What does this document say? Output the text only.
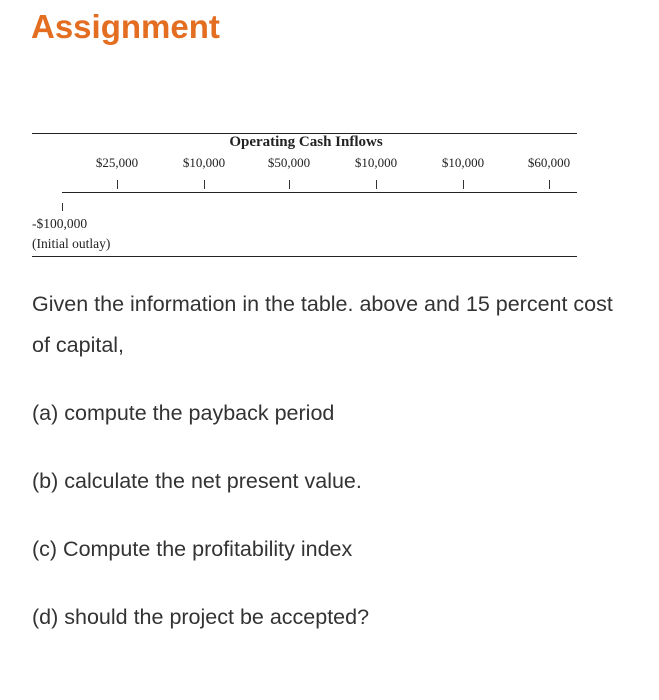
Assignment
Operating Cash Inflows
$25,000	$10,000	$50,000	$10,000	$10,000	$60,000
-$100,000
(Initial outlay)

Given the information in the table. above and 15 percent cost of capital,

(a) compute the payback period

(b) calculate the net present value.

(c) Compute the profitability index

(d) should the project be accepted?
